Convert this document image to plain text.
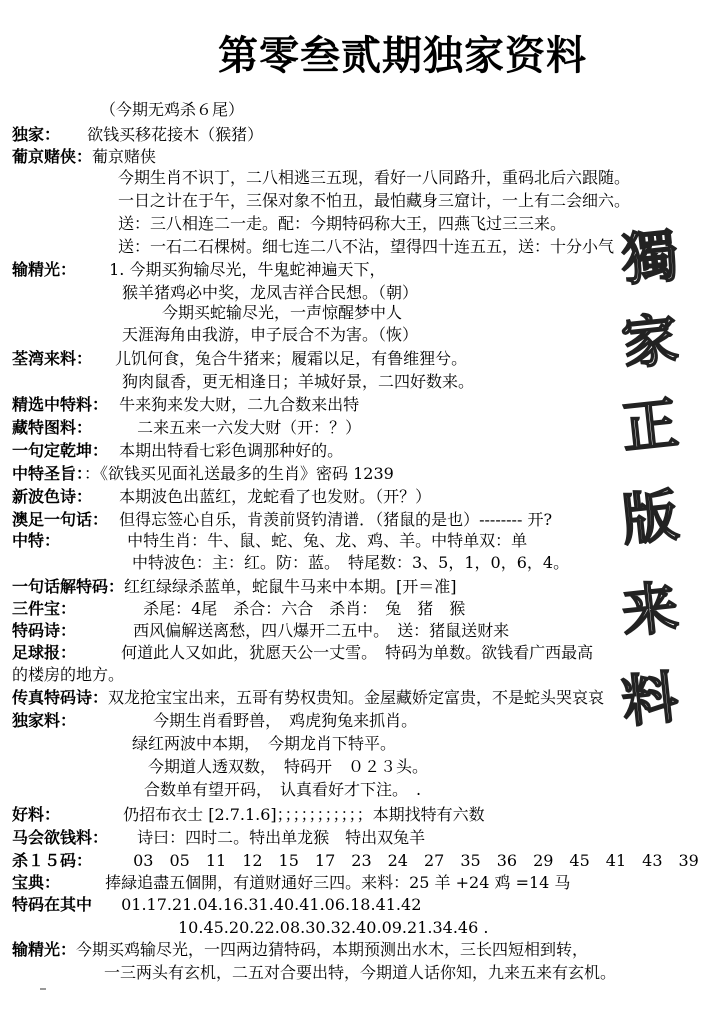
第零叁贰期独家资料
（今期无鸡杀６尾）
独家： 欲钱买移花接木（猴猪）
葡京赌侠：葡京赌侠
今期生肖不识丁，二八相逃三五现，看好一八同路升，重码北后六跟随。
一日之计在于午，三保对象不怕丑，最怕藏身三窟计，一上有二会细六。
送：三八相连二一走。配：今期特码称大王，四燕飞过三三来。
送：一石二石棵树。细七连二八不沾，望得四十连五五，送：十分小气
输精光： 1. 今期买狗输尽光，牛鬼蛇神遍天下，
猴羊猪鸡必中奖，龙凤吉祥合民想。（朝）
今期买蛇输尽光，一声惊醒梦中人
天涯海角由我游，申子辰合不为害。（恢）
荃湾来料： 儿饥何食，兔合牛猪来；履霜以足，有鲁维狸兮。
狗肉鼠香，更无相逢日；羊城好景，二四好数来。
精选中特料： 牛来狗来发大财，二九合数来出特
藏特图料：	二来五来一六发大财（开：？）
一句定乾坤： 本期出特看七彩色调那种好的。
中特圣旨：：《欲钱买见面礼送最多的生肖》密码 1239
新波色诗： 本期波色出蓝红，龙蛇看了也发财。（开？）
澳足一句话： 但得忘签心自乐，肯羡前贤钓清谱．（猪鼠的是也）-------- 开?
中特：	中特生肖：牛、鼠、蛇、兔、龙、鸡、羊。中特单双：单
中特波色：主：红。防：蓝。　特尾数：3、5，1，0，6，4。
一句话解特码：红红绿绿杀蓝单，蛇鼠牛马来中本期。[开＝准]
三件宝：	杀尾：4尾　杀合：六合　杀肖：　兔　猪　猴
特码诗：	西风偏解送离愁，四八爆开二五中。　送：猪鼠送财来
足球报：	何道此人又如此，犹愿天公一丈雪。　特码为单数。欲钱看广西最高
的楼房的地方。
传真特码诗：双龙抢宝宝出来，五哥有势权贵知。金屋藏娇定富贵，不是蛇头哭哀哀
独家料：	今期生肖看野兽，　鸡虎狗兔来抓肖。
绿红两波中本期，　今期龙肖下特平。
今期道人透双数，　特码开　０２３头。
合数单有望开码，　认真看好才下注。　.
好料：	仍招布衣士 [2.7.1.6]；；；；；；；；；；；本期找特有六数
马会欲钱料： 诗曰：四时二。特出单龙猴　特出双兔羊
杀１５码：	03　05　11　12　15　17　23　24　27　35　36　29　45　41　43　39
宝典：	捧緑追盡五個開，有道财通好三四。来料：25 羊 +24 鸡 =14 马
特码在其中 01.17.21.04.16.31.40.41.06.18.41.42
10.45.20.22.08.30.32.40.09.21.34.46 .
输精光：今期买鸡输尽光，一四两边猜特码，本期预测出水木，三长四短相到转，
一三两头有玄机，二五对合要出特，今期道人话你知，九来五来有玄机。
獨
家
正
版
来
料
